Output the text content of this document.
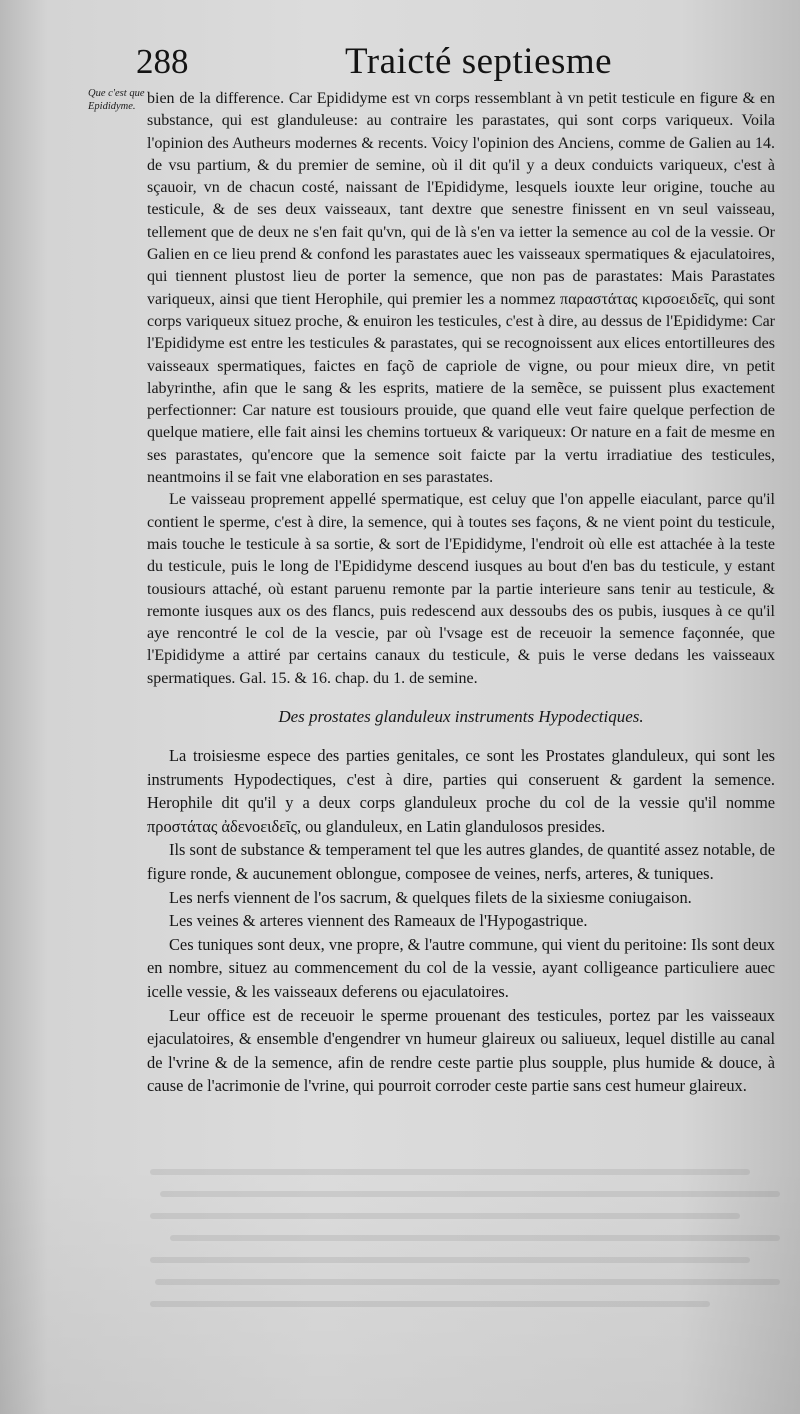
288	Traicté septiesme
Que c'est que Epididyme. bien de la difference. Car Epididyme est vn corps ressemblant à vn petit testicule en figure & en substance, qui est glanduleuse: au contraire les parastates, qui sont corps variqueux. Voila l'opinion des Autheurs modernes & recents. Voicy l'opinion des Anciens, comme de Galien au 14. de vsu partium, & du premier de semine, où il dit qu'il y a deux conduicts variqueux, c'est à sçauoir, vn de chacun costé, naissant de l'Epididyme, lesquels iouxte leur origine, touche au testicule, & de ses deux vaisseaux, tant dextre que senestre finissent en vn seul vaisseau, tellement que de deux ne s'en fait qu'vn, qui de là s'en va ietter la semence au col de la vessie. Or Galien en ce lieu prend & confond les parastates auec les vaisseaux spermatiques & ejaculatoires, qui tiennent plustost lieu de porter la semence, que non pas de parastates: Mais Parastates variqueux, ainsi que tient Herophile, qui premier les a nommez παραστάτας κιρσοειδεῖς, qui sont corps variqueux situez proche, & enuiron les testicules, c'est à dire, au dessus de l'Epididyme: Car l'Epididyme est entre les testicules & parastates, qui se recognoissent aux elices entortilleures des vaisseaux spermatiques, faictes en façõ de capriole de vigne, ou pour mieux dire, vn petit labyrinthe, afin que le sang & les esprits, matiere de la semẽce, se puissent plus exactement perfectionner: Car nature est tousiours prouide, que quand elle veut faire quelque perfection de quelque matiere, elle fait ainsi les chemins tortueux & variqueux: Or nature en a fait de mesme en ses parastates, qu'encore que la semence soit faicte par la vertu irradiatiue des testicules, neantmoins il se fait vne elaboration en ses parastates.

Le vaisseau proprement appellé spermatique, est celuy que l'on appelle eiaculant, parce qu'il contient le sperme, c'est à dire, la semence, qui à toutes ses façons, & ne vient point du testicule, mais touche le testicule à sa sortie, & sort de l'Epididyme, l'endroit où elle est attachée à la teste du testicule, puis le long de l'Epididyme descend iusques au bout d'en bas du testicule, y estant tousiours attaché, où estant paruenu remonte par la partie interieure sans tenir au testicule, & remonte iusques aux os des flancs, puis redescend aux dessoubs des os pubis, iusques à ce qu'il aye rencontré le col de la vescie, par où l'vsage est de receuoir la semence façonnée, que l'Epididyme a attiré par certains canaux du testicule, & puis le verse dedans les vaisseaux spermatiques. Gal. 15. & 16. chap. du 1. de semine.

Des prostates glanduleux instruments Hypodectiques.

La troisiesme espece des parties genitales, ce sont les Prostates glanduleux, qui sont les instruments Hypodectiques, c'est à dire, parties qui conseruent & gardent la semence. Herophile dit qu'il y a deux corps glanduleux proche du col de la vessie qu'il nomme προστάτας ἀδενοειδεῖς, ou glanduleux, en Latin glandulosos presides.

Ils sont de substance & temperament tel que les autres glandes, de quantité assez notable, de figure ronde, & aucunement oblongue, composee de veines, nerfs, arteres, & tuniques.

Les nerfs viennent de l'os sacrum, & quelques filets de la sixiesme coniugaison.

Les veines & arteres viennent des Rameaux de l'Hypogastrique.

Ces tuniques sont deux, vne propre, & l'autre commune, qui vient du peritoine: Ils sont deux en nombre, situez au commencement du col de la vessie, ayant colligeance particuliere auec icelle vessie, & les vaisseaux deferens ou ejaculatoires.

Leur office est de receuoir le sperme prouenant des testicules, portez par les vaisseaux ejaculatoires, & ensemble d'engendrer vn humeur glaireux ou saliueux, lequel distille au canal de l'vrine & de la semence, afin de rendre ceste partie plus soupple, plus humide & douce, à cause de l'acrimonie de l'vrine, qui pourroit corroder ceste partie sans cest humeur glaireux.
